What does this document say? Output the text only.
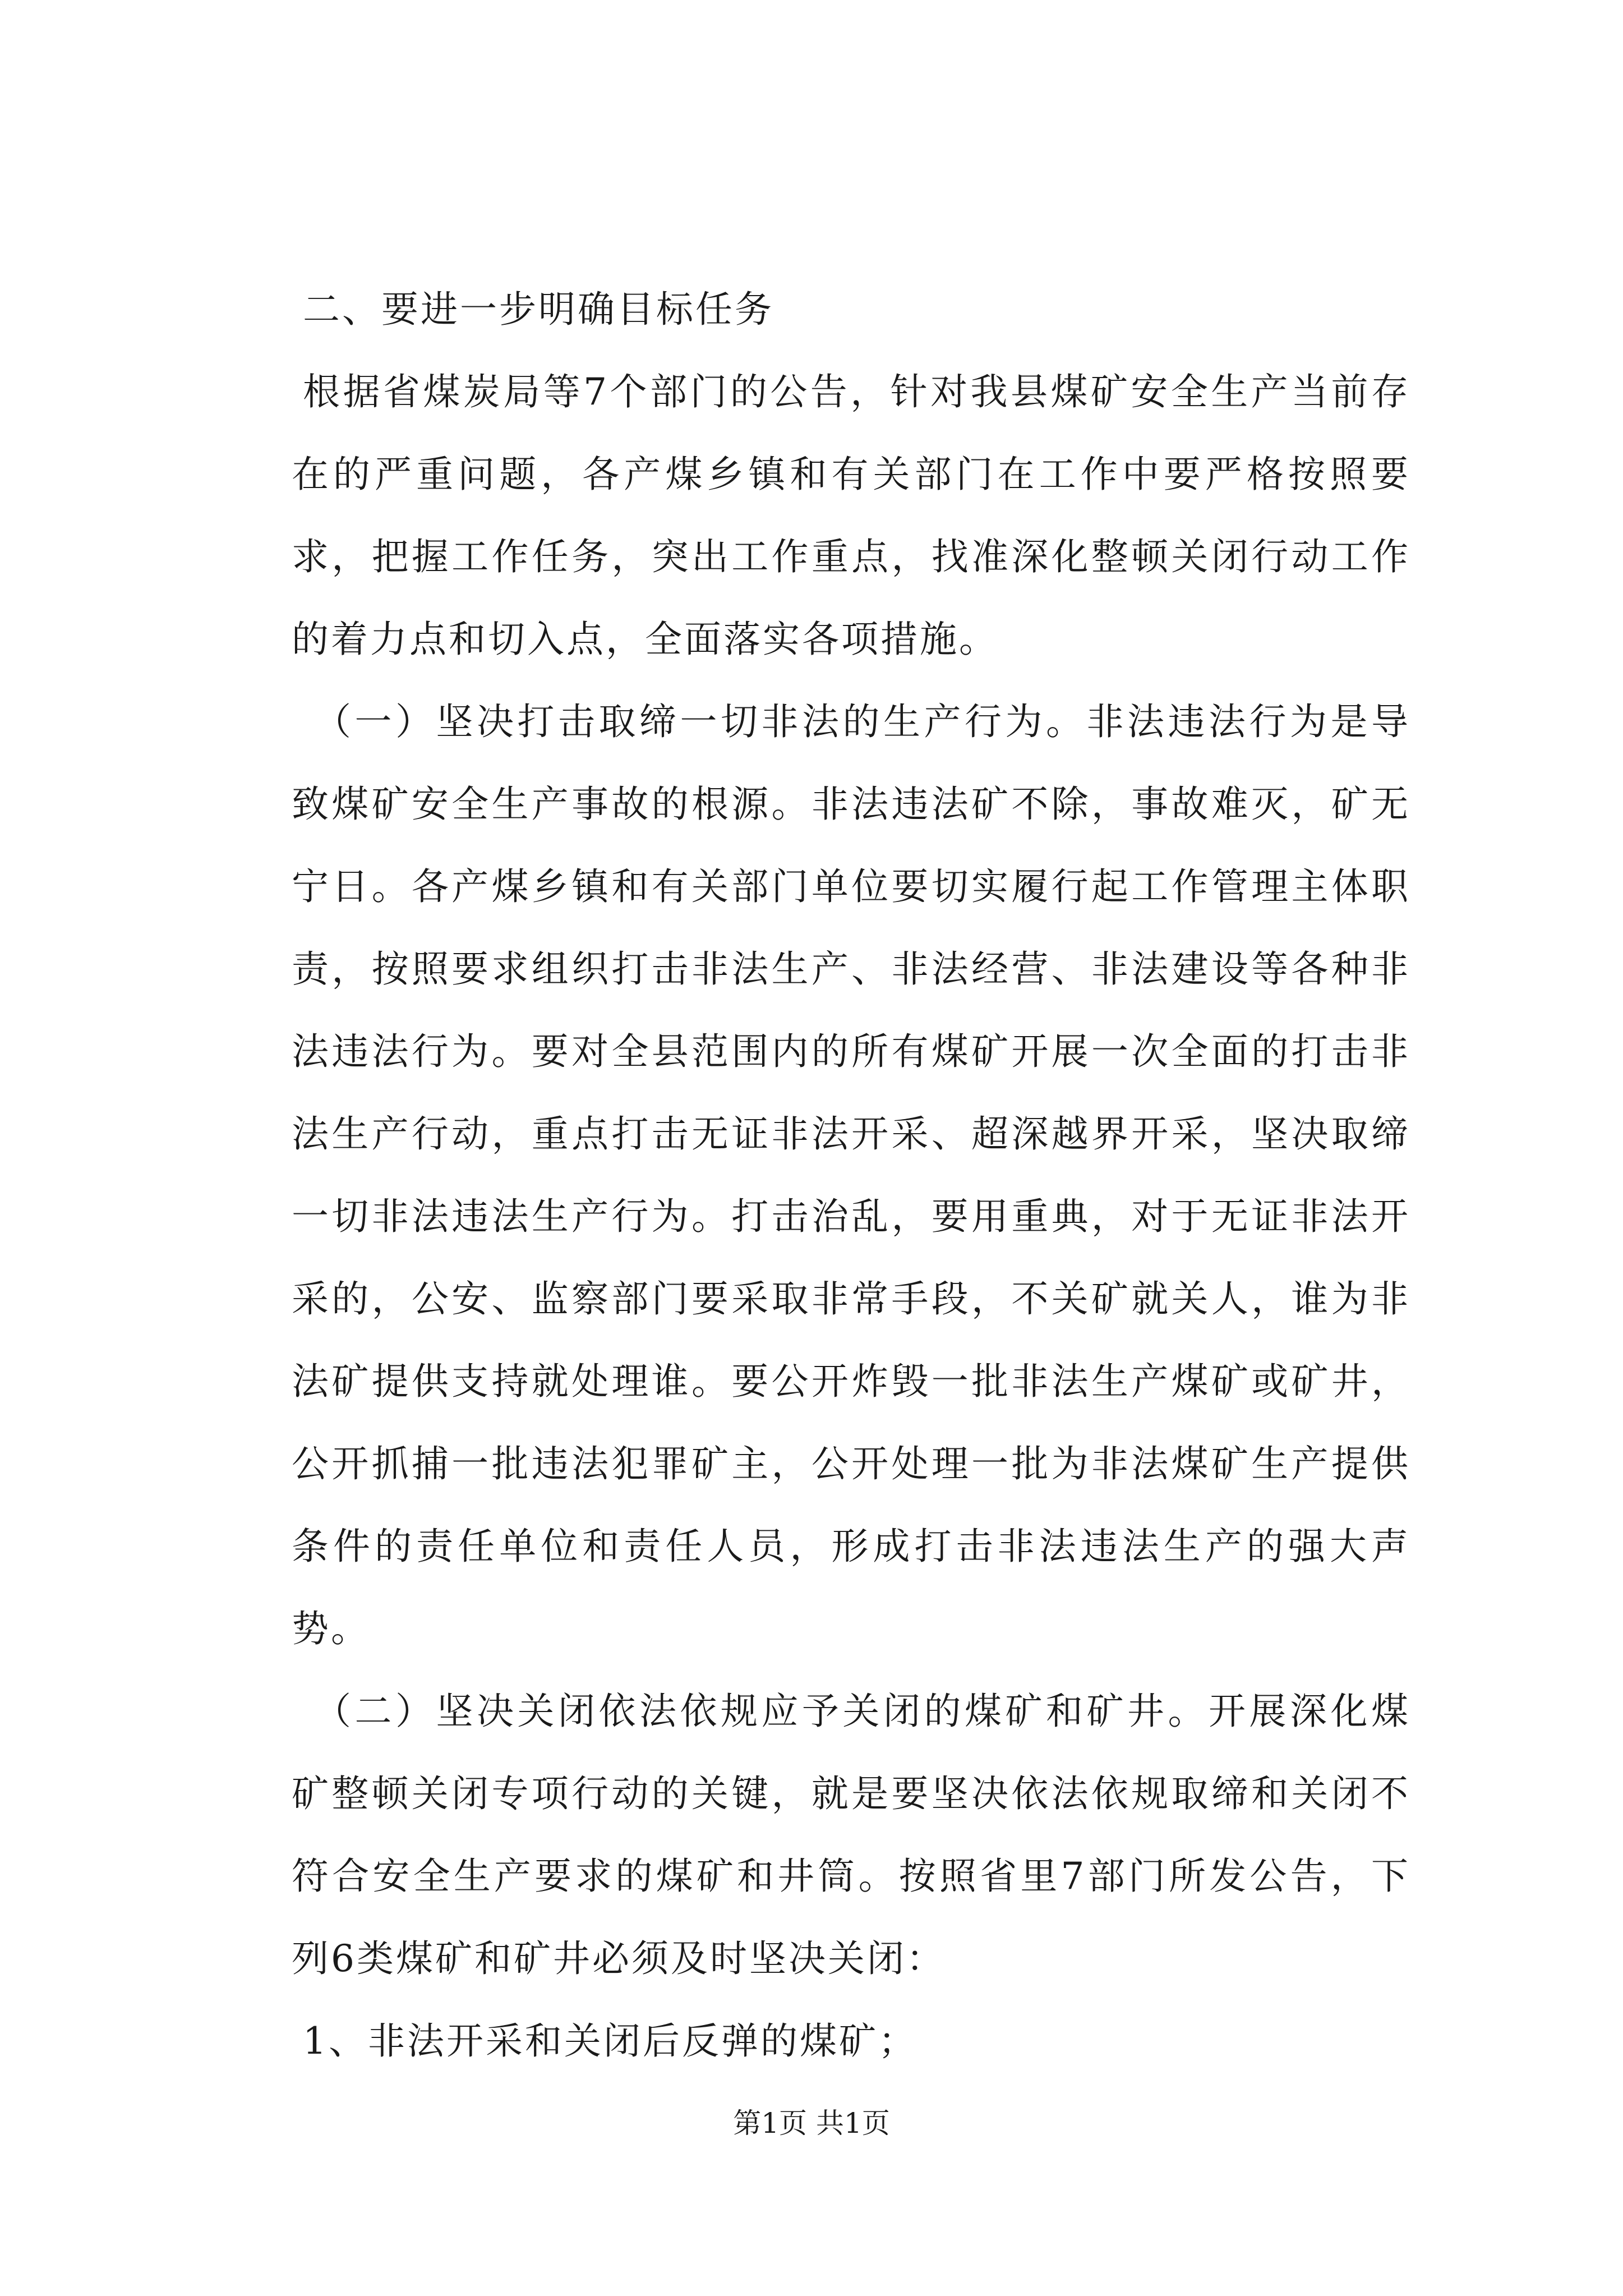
二、要进一步明确目标任务

根据省煤炭局等7个部门的公告，针对我县煤矿安全生产当前存在的严重问题，各产煤乡镇和有关部门在工作中要严格按照要求，把握工作任务，突出工作重点，找准深化整顿关闭行动工作的着力点和切入点，全面落实各项措施。

（一）坚决打击取缔一切非法的生产行为。非法违法行为是导致煤矿安全生产事故的根源。非法违法矿不除，事故难灭，矿无宁日。各产煤乡镇和有关部门单位要切实履行起工作管理主体职责，按照要求组织打击非法生产、非法经营、非法建设等各种非法违法行为。要对全县范围内的所有煤矿开展一次全面的打击非法生产行动，重点打击无证非法开采、超深越界开采，坚决取缔一切非法违法生产行为。打击治乱，要用重典，对于无证非法开采的，公安、监察部门要采取非常手段，不关矿就关人，谁为非法矿提供支持就处理谁。要公开炸毁一批非法生产煤矿或矿井，公开抓捕一批违法犯罪矿主，公开处理一批为非法煤矿生产提供条件的责任单位和责任人员，形成打击非法违法生产的强大声势。

（二）坚决关闭依法依规应予关闭的煤矿和矿井。开展深化煤矿整顿关闭专项行动的关键，就是要坚决依法依规取缔和关闭不符合安全生产要求的煤矿和井筒。按照省里7部门所发公告，下列6类煤矿和矿井必须及时坚决关闭：

1、非法开采和关闭后反弹的煤矿；

第1页 共1页
